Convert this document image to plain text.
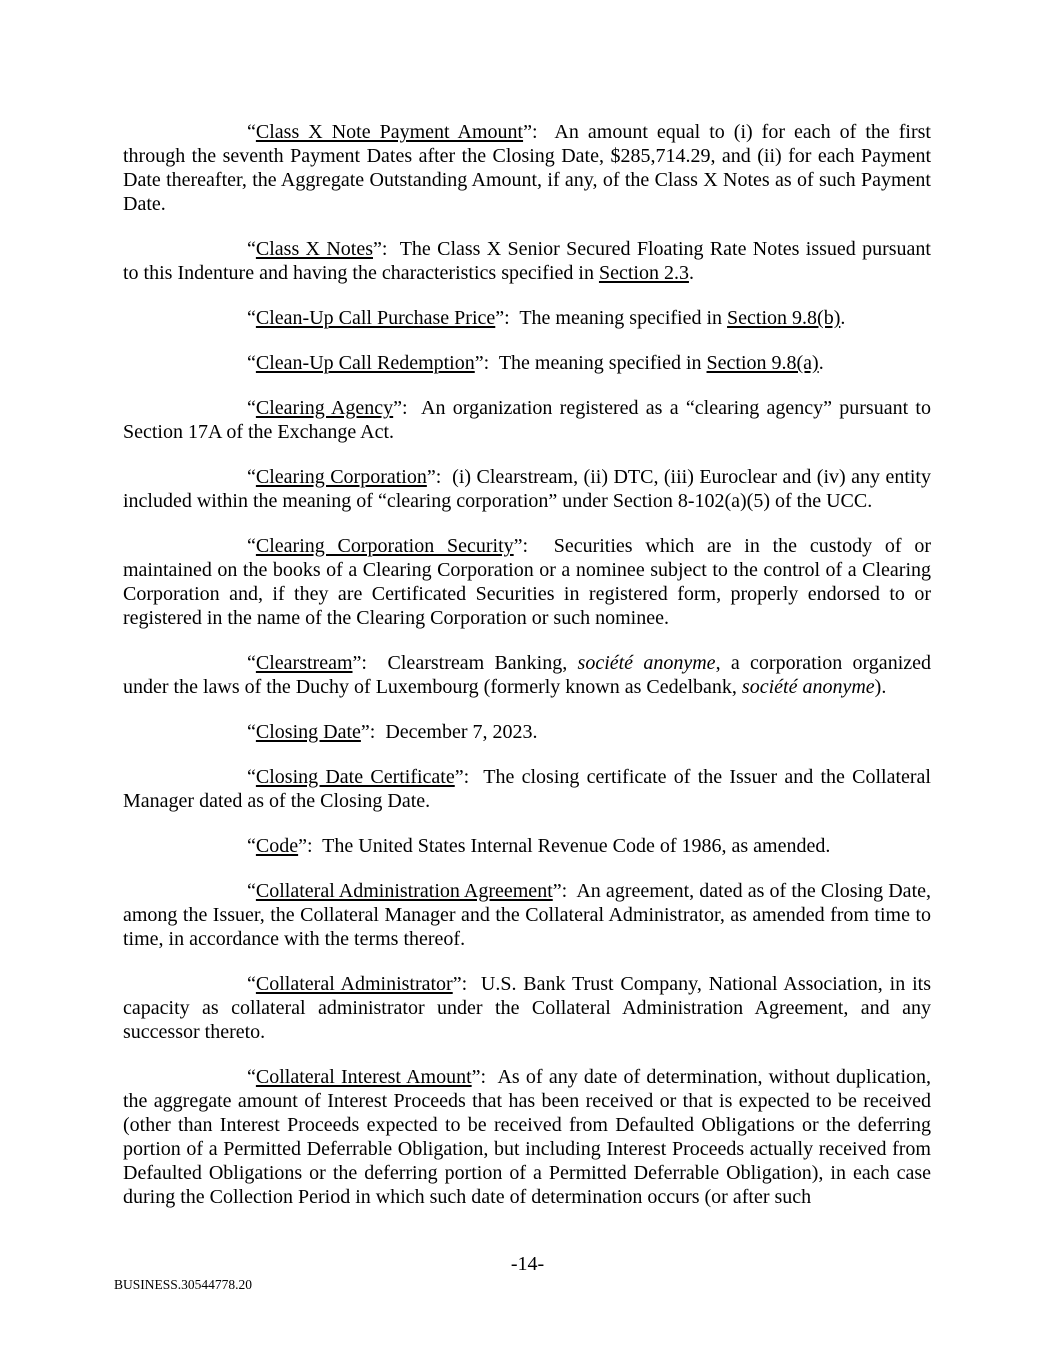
“Class X Note Payment Amount”:  An amount equal to (i) for each of the first through the seventh Payment Dates after the Closing Date, $285,714.29, and (ii) for each Payment Date thereafter, the Aggregate Outstanding Amount, if any, of the Class X Notes as of such Payment Date.

“Class X Notes”:  The Class X Senior Secured Floating Rate Notes issued pursuant to this Indenture and having the characteristics specified in Section 2.3.

“Clean-Up Call Purchase Price”:  The meaning specified in Section 9.8(b).

“Clean-Up Call Redemption”:  The meaning specified in Section 9.8(a).

“Clearing Agency”:  An organization registered as a “clearing agency” pursuant to Section 17A of the Exchange Act.

“Clearing Corporation”:  (i) Clearstream, (ii) DTC, (iii) Euroclear and (iv) any entity included within the meaning of “clearing corporation” under Section 8-102(a)(5) of the UCC.

“Clearing Corporation Security”:  Securities which are in the custody of or maintained on the books of a Clearing Corporation or a nominee subject to the control of a Clearing Corporation and, if they are Certificated Securities in registered form, properly endorsed to or registered in the name of the Clearing Corporation or such nominee.

“Clearstream”:  Clearstream Banking, société anonyme, a corporation organized under the laws of the Duchy of Luxembourg (formerly known as Cedelbank, société anonyme).

“Closing Date”:  December 7, 2023.

“Closing Date Certificate”:  The closing certificate of the Issuer and the Collateral Manager dated as of the Closing Date.

“Code”:  The United States Internal Revenue Code of 1986, as amended.

“Collateral Administration Agreement”:  An agreement, dated as of the Closing Date, among the Issuer, the Collateral Manager and the Collateral Administrator, as amended from time to time, in accordance with the terms thereof.

“Collateral Administrator”:  U.S. Bank Trust Company, National Association, in its capacity as collateral administrator under the Collateral Administration Agreement, and any successor thereto.

“Collateral Interest Amount”:  As of any date of determination, without duplication, the aggregate amount of Interest Proceeds that has been received or that is expected to be received (other than Interest Proceeds expected to be received from Defaulted Obligations or the deferring portion of a Permitted Deferrable Obligation, but including Interest Proceeds actually received from Defaulted Obligations or the deferring portion of a Permitted Deferrable Obligation), in each case during the Collection Period in which such date of determination occurs (or after such

-14-
BUSINESS.30544778.20
